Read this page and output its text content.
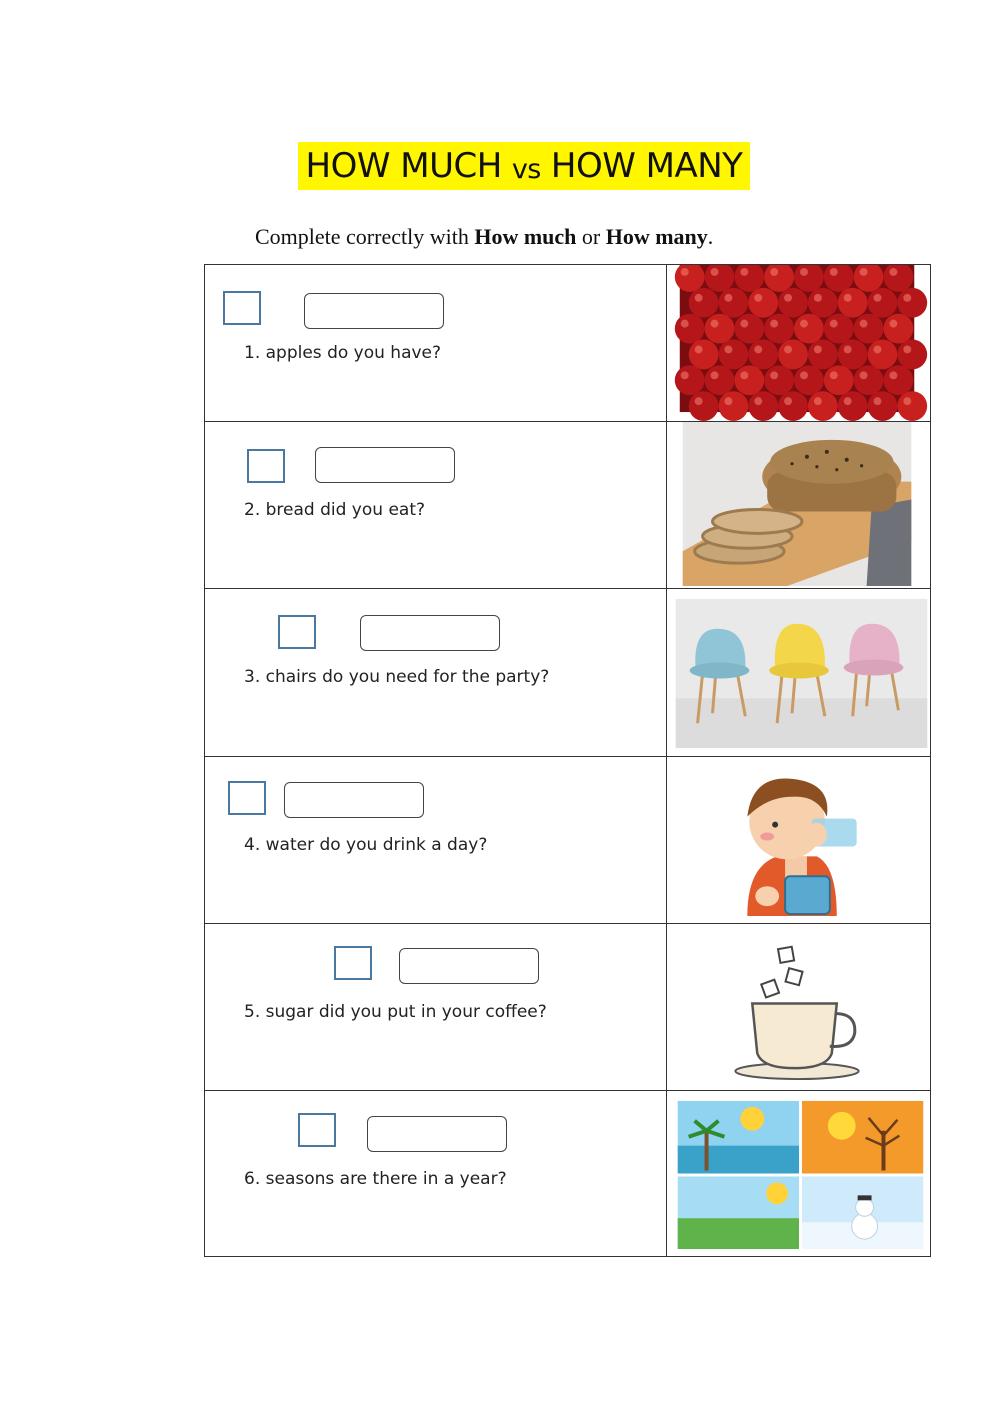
HOW MUCH vs HOW MANY
Complete correctly with How much or How many.
1. apples do you have?

2. bread did you eat?

3. chairs do you need for the party?

4. water do you drink a day?

5. sugar did you put in your coffee?

6. seasons are there in a year?
